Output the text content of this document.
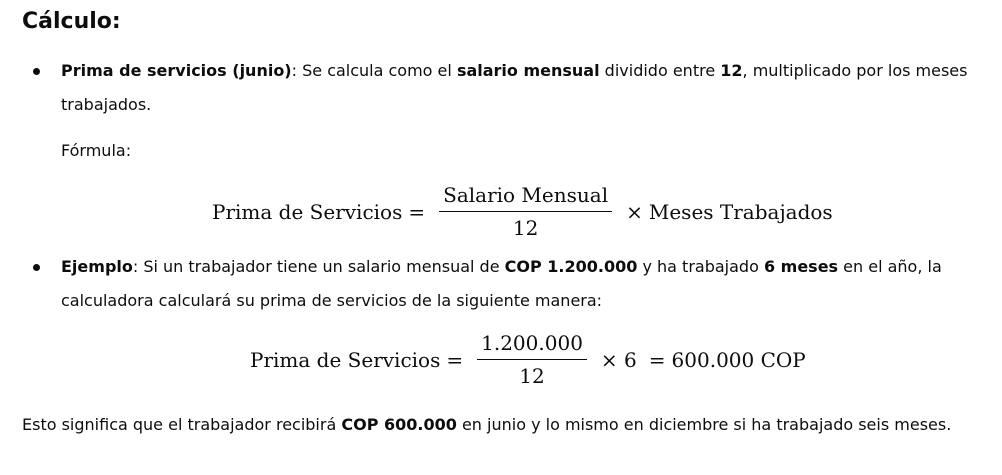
Cálculo:
Prima de servicios (junio): Se calcula como el salario mensual dividido entre 12, multiplicado por los meses trabajados.
Fórmula:
Prima de Servicios = $\frac{\text{Salario Mensual}}{12}$ × Meses Trabajados
Ejemplo: Si un trabajador tiene un salario mensual de COP 1.200.000 y ha trabajado 6 meses en el año, la calculadora calculará su prima de servicios de la siguiente manera:
Prima de Servicios = $\frac{1.200.000}{12} \times 6 = 600.000$ COP
Esto significa que el trabajador recibirá COP 600.000 en junio y lo mismo en diciembre si ha trabajado seis meses.
